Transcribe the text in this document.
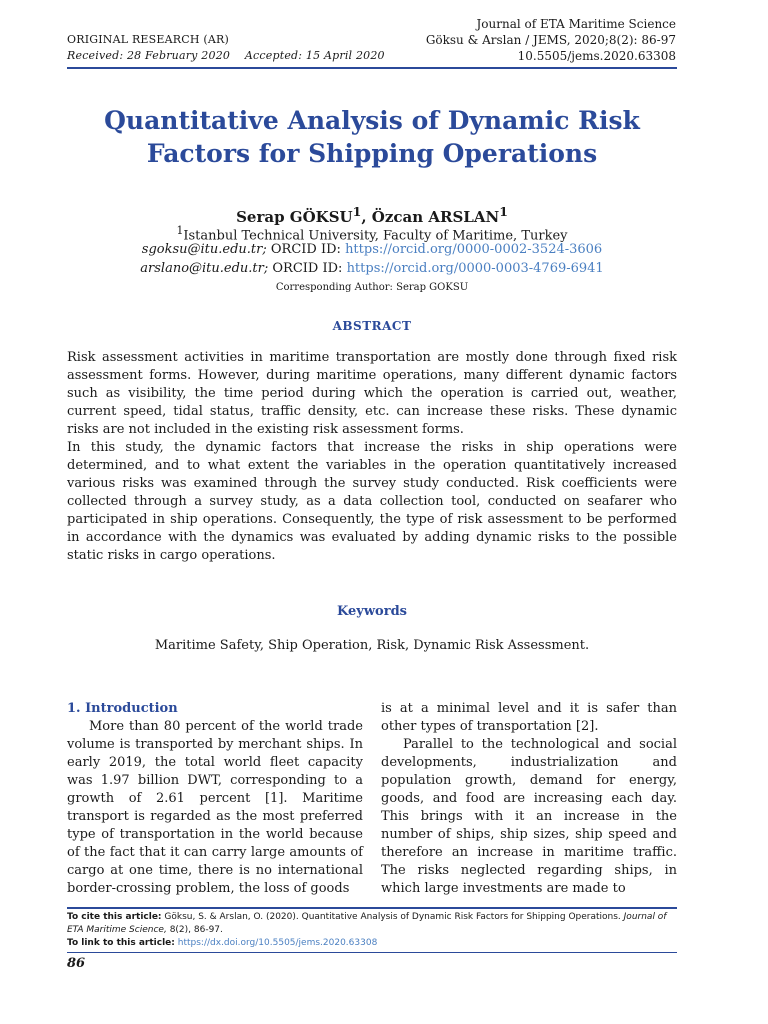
ORIGINAL RESEARCH (AR)
Received: 28 February 2020 Accepted: 15 April 2020
Journal of ETA Maritime Science
Göksu & Arslan / JEMS, 2020;8(2): 86-97
10.5505/jems.2020.63308
Quantitative Analysis of Dynamic Risk
Factors for Shipping Operations
Serap GÖKSU$^1$, Özcan ARSLAN$^1$
$^1$Istanbul Technical University, Faculty of Maritime, Turkey
sgoksu@itu.edu.tr; ORCID ID: https://orcid.org/0000-0002-3524-3606
arslano@itu.edu.tr; ORCID ID: https://orcid.org/0000-0003-4769-6941
Corresponding Author: Serap GOKSU
ABSTRACT

Risk assessment activities in maritime transportation are mostly done through fixed risk assessment forms. However, during maritime operations, many different dynamic factors such as visibility, the time period during which the operation is carried out, weather, current speed, tidal status, traffic density, etc. can increase these risks. These dynamic risks are not included in the existing risk assessment forms.

In this study, the dynamic factors that increase the risks in ship operations were determined, and to what extent the variables in the operation quantitatively increased various risks was examined through the survey study conducted. Risk coefficients were collected through a survey study, as a data collection tool, conducted on seafarer who participated in ship operations. Consequently, the type of risk assessment to be performed in accordance with the dynamics was evaluated by adding dynamic risks to the possible static risks in cargo operations.

Keywords
Maritime Safety, Ship Operation, Risk, Dynamic Risk Assessment.
1. Introduction

More than 80 percent of the world trade volume is transported by merchant ships. In early 2019, the total world fleet capacity was 1.97 billion DWT, corresponding to a growth of 2.61 percent [1]. Maritime transport is regarded as the most preferred type of transportation in the world because of the fact that it can carry large amounts of cargo at one time, there is no international border-crossing problem, the loss of goods

is at a minimal level and it is safer than other types of transportation [2].

Parallel to the technological and social developments, industrialization and population growth, demand for energy, goods, and food are increasing each day. This brings with it an increase in the number of ships, ship sizes, ship speed and therefore an increase in maritime traffic. The risks neglected regarding ships, in which large investments are made to

To cite this article: Göksu, S. & Arslan, O. (2020). Quantitative Analysis of Dynamic Risk Factors for Shipping Operations. Journal of ETA Maritime Science, 8(2), 86-97.
To link to this article: https://dx.doi.org/10.5505/jems.2020.63308
86
